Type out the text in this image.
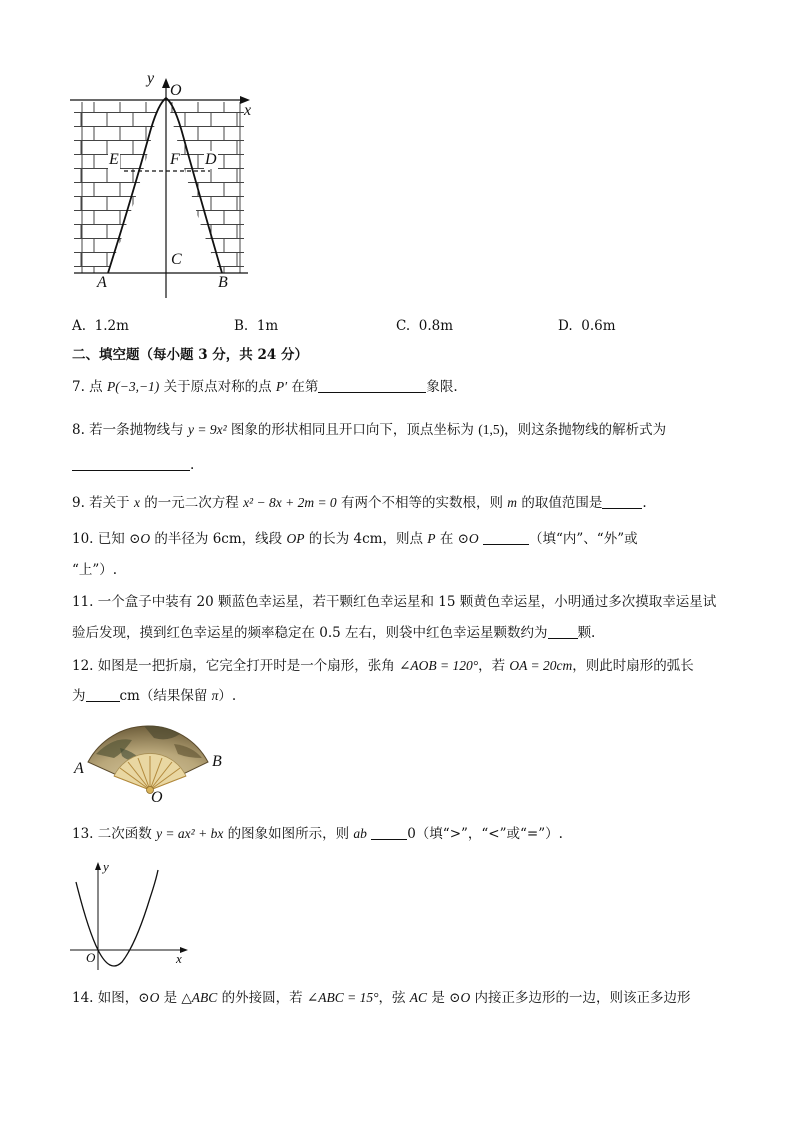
y
O
x
E	F D
C
A	B
A. 1.2m	B. 1m	C. 0.8m	D. 0.6m
二、填空题（每小题 3 分，共 24 分）
7. 点 P(−3,−1) 关于原点对称的点 P′ 在第	象限.
8. 若一条抛物线与 y = 9x² 图象的形状相同且开口向下，顶点坐标为 (1,5)，则这条抛物线的解析式为
.
9. 若关于 x 的一元二次方程 x² − 8x + 2m = 0 有两个不相等的实数根，则 m 的取值范围是	.
10. 已知 ⊙O 的半径为 6cm，线段 OP 的长为 4cm，则点 P 在 ⊙O	（填“内”、“外”或
“上”）.
11. 一个盒子中装有 20 颗蓝色幸运星，若干颗红色幸运星和 15 颗黄色幸运星，小明通过多次摸取幸运星试
验后发现，摸到红色幸运星的频率稳定在 0.5 左右，则袋中红色幸运星颗数约为 颗.
12. 如图是一把折扇，它完全打开时是一个扇形，张角 ∠AOB = 120°，若 OA = 20cm，则此时扇形的弧长
为	cm（结果保留 π）.
A	B
O
13. 二次函数 y = ax² + bx 的图象如图所示，则 ab	0（填“>”，“<”或“=”）.
y
x
O
14. 如图，⊙O 是 △ABC 的外接圆，若 ∠ABC = 15°，弦 AC 是 ⊙O 内接正多边形的一边，则该正多边形
